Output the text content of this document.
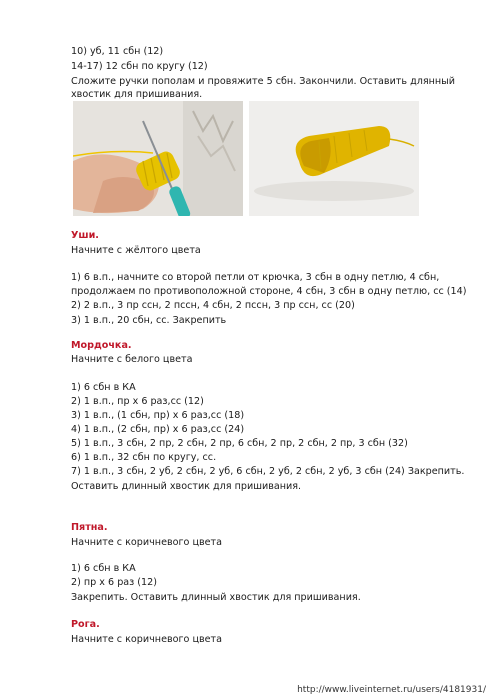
10) уб, 11 сбн (12)
14-17) 12 сбн по кругу (12)
Сложите ручки пополам и провяжите 5 сбн. Закончили. Оставить длянный
хвостик для пришивания.
Уши.
Начните с жёлтого цвета
1) 6 в.п., начните со второй петли от крючка, 3 сбн в одну петлю, 4 сбн,
продолжаем по противоположной стороне, 4 сбн, 3 сбн в одну петлю, сс (14)
2) 2 в.п., 3 пр ссн, 2 псcн, 4 сбн, 2 псcн, 3 пр ссн, сс (20)
3) 1 в.п., 20 сбн, сс. Закрепить
Мордочка.
Начните с белого цвета
1) 6 сбн в КА
2) 1 в.п., пр х 6 раз,сс (12)
3) 1 в.п., (1 сбн, пр) х 6 раз,сс (18)
4) 1 в.п., (2 сбн, пр) х 6 раз,сс (24)
5) 1 в.п., 3 сбн, 2 пр, 2 сбн, 2 пр, 6 сбн, 2 пр, 2 сбн, 2 пр, 3 сбн (32)
6) 1 в.п., 32 сбн по кругу, сс.
7) 1 в.п., 3 сбн, 2 уб, 2 сбн, 2 уб, 6 сбн, 2 уб, 2 сбн, 2 уб, 3 сбн (24) Закрепить.
Оставить длинный хвостик для пришивания.
Пятна.
Начните с коричневого цвета
1) 6 сбн в КА
2) пр х 6 раз (12)
Закрепить. Оставить длинный хвостик для пришивания.
Рога.
Начните с коричневого цвета
http://www.liveinternet.ru/users/4181931/
